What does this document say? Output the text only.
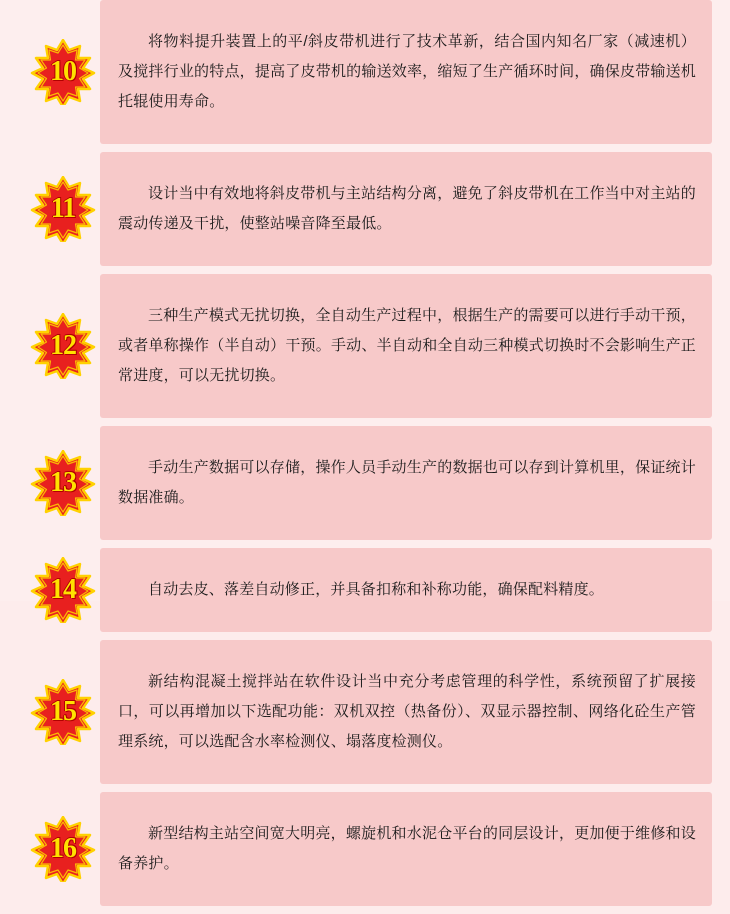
10

将物料提升装置上的平/斜皮带机进行了技术革新，结合国内知名厂家（减速机）及搅拌行业的特点，提高了皮带机的输送效率，缩短了生产循环时间，确保皮带输送机托辊使用寿命。

11	设计当中有效地将斜皮带机与主站结构分离，避免了斜皮带机在工作当中对主站的震动传递及干扰，使整站噪音降至最低。

12

三种生产模式无扰切换，全自动生产过程中，根据生产的需要可以进行手动干预，或者单称操作（半自动）干预。手动、半自动和全自动三种模式切换时不会影响生产正常进度，可以无扰切换。

13	手动生产数据可以存储，操作人员手动生产的数据也可以存到计算机里，保证统计数据准确。

14	自动去皮、落差自动修正，并具备扣称和补称功能，确保配料精度。

15

新结构混凝土搅拌站在软件设计当中充分考虑管理的科学性，系统预留了扩展接口，可以再增加以下选配功能：双机双控（热备份）、双显示器控制、网络化砼生产管理系统，可以选配含水率检测仪、塌落度检测仪。

16	新型结构主站空间宽大明亮，螺旋机和水泥仓平台的同层设计，更加便于维修和设备养护。
